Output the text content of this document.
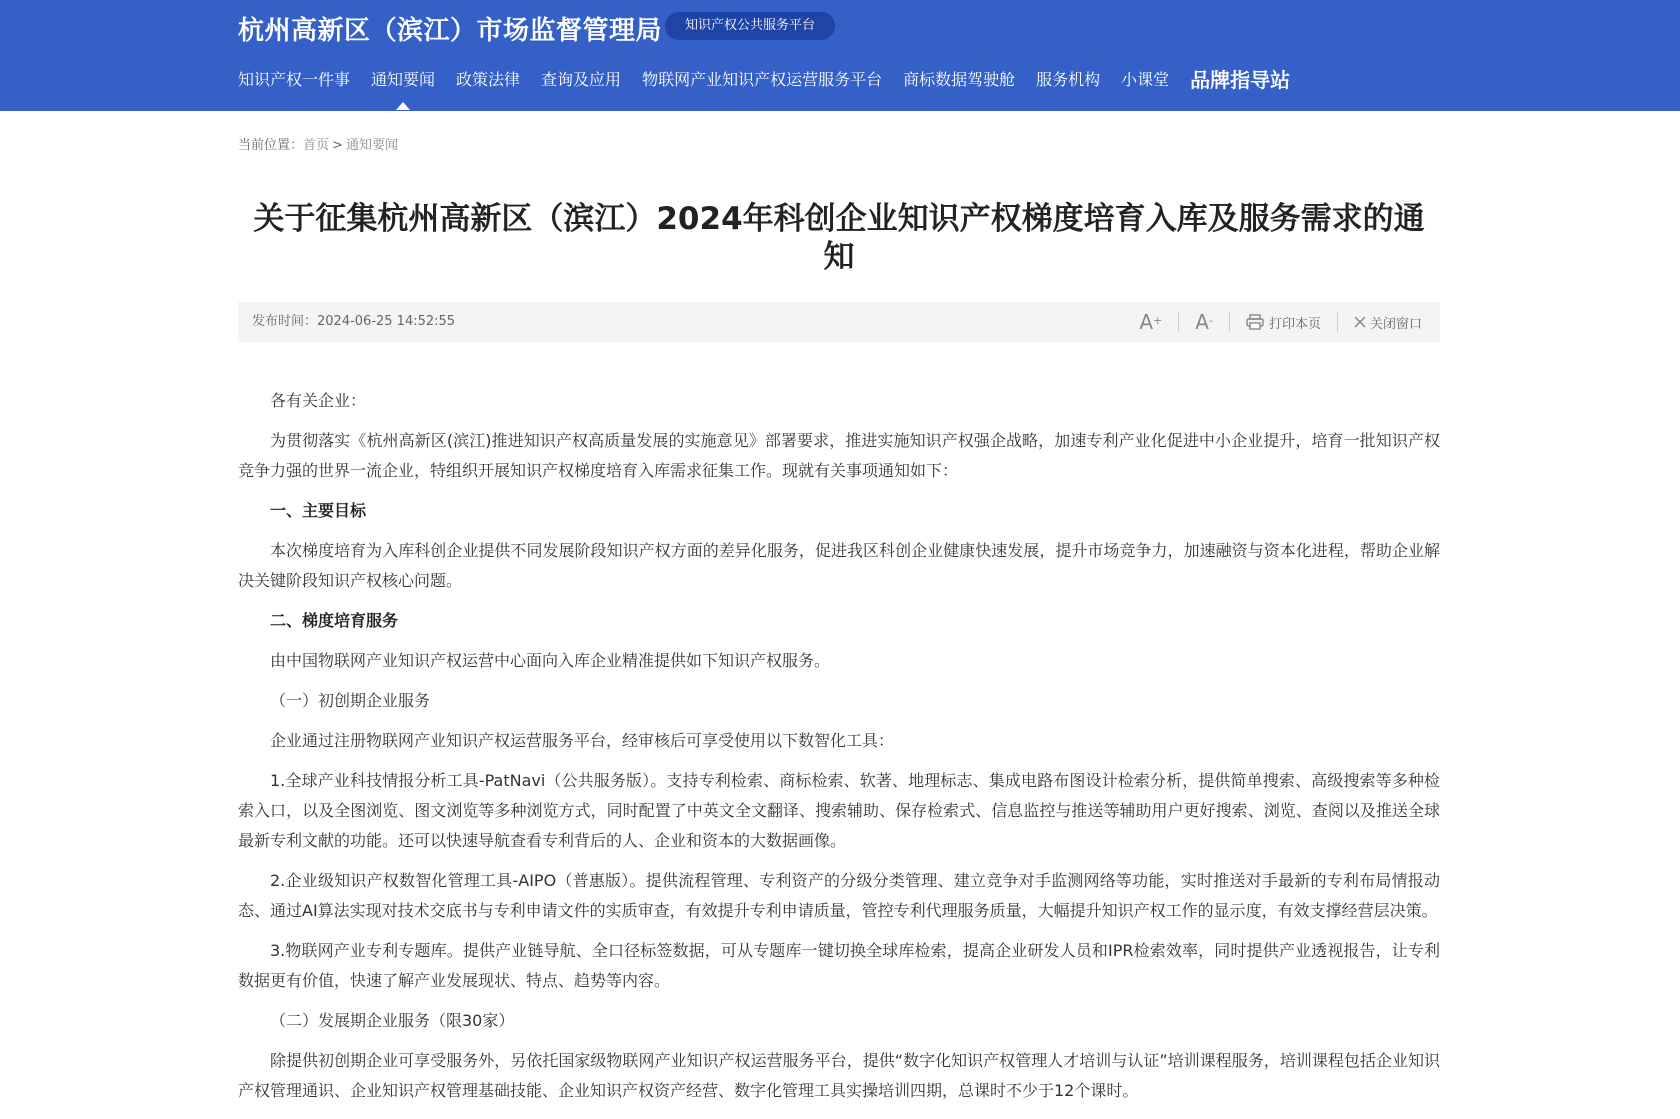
杭州高新区（滨江）市场监督管理局	知识产权公共服务平台
知识产权一件事 通知要闻 政策法律 查询及应用 物联网产业知识产权运营服务平台 商标数据驾驶舱 服务机构 小课堂 品牌指导站
当前位置：首页 > 通知要闻
关于征集杭州高新区（滨江）2024年科创企业知识产权梯度培育入库及服务需求的通知
发布时间：2024-06-25 14:52:55	A+ A-	打印本页	关闭窗口

各有关企业：

为贯彻落实《杭州高新区(滨江)推进知识产权高质量发展的实施意见》部署要求，推进实施知识产权强企战略，加速专利产业化促进中小企业提升，培育一批知识产权竞争力强的世界一流企业，特组织开展知识产权梯度培育入库需求征集工作。现就有关事项通知如下：

一、主要目标

本次梯度培育为入库科创企业提供不同发展阶段知识产权方面的差异化服务，促进我区科创企业健康快速发展，提升市场竞争力，加速融资与资本化进程，帮助企业解决关键阶段知识产权核心问题。

二、梯度培育服务

由中国物联网产业知识产权运营中心面向入库企业精准提供如下知识产权服务。

（一）初创期企业服务

企业通过注册物联网产业知识产权运营服务平台，经审核后可享受使用以下数智化工具：

1.全球产业科技情报分析工具-PatNavi（公共服务版）。支持专利检索、商标检索、软著、地理标志、集成电路布图设计检索分析，提供简单搜索、高级搜索等多种检索入口，以及全图浏览、图文浏览等多种浏览方式，同时配置了中英文全文翻译、搜索辅助、保存检索式、信息监控与推送等辅助用户更好搜索、浏览、查阅以及推送全球最新专利文献的功能。还可以快速导航查看专利背后的人、企业和资本的大数据画像。

2.企业级知识产权数智化管理工具-AIPO（普惠版）。提供流程管理、专利资产的分级分类管理、建立竞争对手监测网络等功能，实时推送对手最新的专利布局情报动态、通过AI算法实现对技术交底书与专利申请文件的实质审查，有效提升专利申请质量，管控专利代理服务质量，大幅提升知识产权工作的显示度，有效支撑经营层决策。

3.物联网产业专利专题库。提供产业链导航、全口径标签数据，可从专题库一键切换全球库检索，提高企业研发人员和IPR检索效率，同时提供产业透视报告，让专利数据更有价值，快速了解产业发展现状、特点、趋势等内容。

（二）发展期企业服务（限30家）

除提供初创期企业可享受服务外，另依托国家级物联网产业知识产权运营服务平台，提供“数字化知识产权管理人才培训与认证”培训课程服务，培训课程包括企业知识产权管理通识、企业知识产权管理基础技能、企业知识产权资产经营、数字化管理工具实操培训四期，总课时不少于12个课时。
